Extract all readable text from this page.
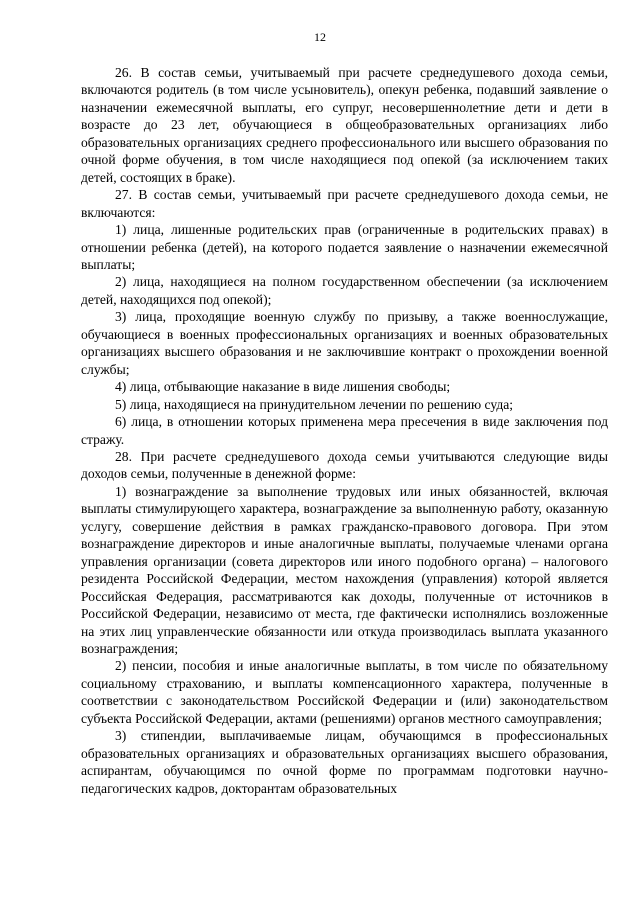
12

26. В состав семьи, учитываемый при расчете среднедушевого дохода семьи, включаются родитель (в том числе усыновитель), опекун ребенка, подавший заявление о назначении ежемесячной выплаты, его супруг, несовершеннолетние дети и дети в возрасте до 23 лет, обучающиеся в общеобразовательных организациях либо образовательных организациях среднего профессионального или высшего образования по очной форме обучения, в том числе находящиеся под опекой (за исключением таких детей, состоящих в браке).

27. В состав семьи, учитываемый при расчете среднедушевого дохода семьи, не включаются:

1) лица, лишенные родительских прав (ограниченные в родительских правах) в отношении ребенка (детей), на которого подается заявление о назначении ежемесячной выплаты;

2) лица, находящиеся на полном государственном обеспечении (за исключением детей, находящихся под опекой);

3) лица, проходящие военную службу по призыву, а также военнослужащие, обучающиеся в военных профессиональных организациях и военных образовательных организациях высшего образования и не заключившие контракт о прохождении военной службы;

4) лица, отбывающие наказание в виде лишения свободы;

5) лица, находящиеся на принудительном лечении по решению суда;

6) лица, в отношении которых применена мера пресечения в виде заключения под стражу.

28. При расчете среднедушевого дохода семьи учитываются следующие виды доходов семьи, полученные в денежной форме:

1) вознаграждение за выполнение трудовых или иных обязанностей, включая выплаты стимулирующего характера, вознаграждение за выполненную работу, оказанную услугу, совершение действия в рамках гражданско-правового договора. При этом вознаграждение директоров и иные аналогичные выплаты, получаемые членами органа управления организации (совета директоров или иного подобного органа) – налогового резидента Российской Федерации, местом нахождения (управления) которой является Российская Федерация, рассматриваются как доходы, полученные от источников в Российской Федерации, независимо от места, где фактически исполнялись возложенные на этих лиц управленческие обязанности или откуда производилась выплата указанного вознаграждения;

2) пенсии, пособия и иные аналогичные выплаты, в том числе по обязательному социальному страхованию, и выплаты компенсационного характера, полученные в соответствии с законодательством Российской Федерации и (или) законодательством субъекта Российской Федерации, актами (решениями) органов местного самоуправления;

3) стипендии, выплачиваемые лицам, обучающимся в профессиональных образовательных организациях и образовательных организациях высшего образования, аспирантам, обучающимся по очной форме по программам подготовки научно-педагогических кадров, докторантам образовательных
